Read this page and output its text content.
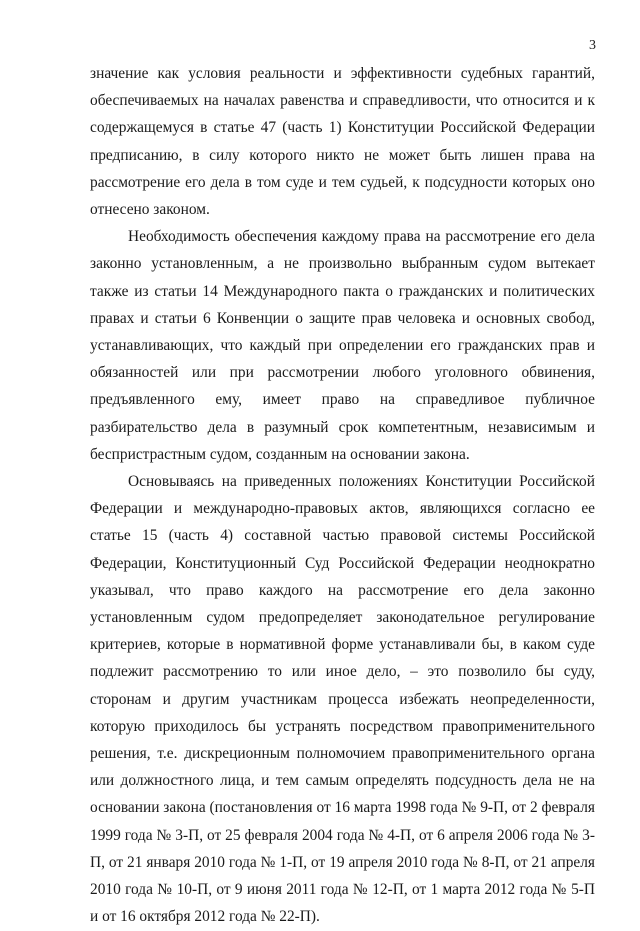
3

значение как условия реальности и эффективности судебных гарантий, обеспечиваемых на началах равенства и справедливости, что относится и к содержащемуся в статье 47 (часть 1) Конституции Российской Федерации предписанию, в силу которого никто не может быть лишен права на рассмотрение его дела в том суде и тем судьей, к подсудности которых оно отнесено законом.

Необходимость обеспечения каждому права на рассмотрение его дела законно установленным, а не произвольно выбранным судом вытекает также из статьи 14 Международного пакта о гражданских и политических правах и статьи 6 Конвенции о защите прав человека и основных свобод, устанавливающих, что каждый при определении его гражданских прав и обязанностей или при рассмотрении любого уголовного обвинения, предъявленного ему, имеет право на справедливое публичное разбирательство дела в разумный срок компетентным, независимым и беспристрастным судом, созданным на основании закона.

Основываясь на приведенных положениях Конституции Российской Федерации и международно-правовых актов, являющихся согласно ее статье 15 (часть 4) составной частью правовой системы Российской Федерации, Конституционный Суд Российской Федерации неоднократно указывал, что право каждого на рассмотрение его дела законно установленным судом предопределяет законодательное регулирование критериев, которые в нормативной форме устанавливали бы, в каком суде подлежит рассмотрению то или иное дело, – это позволило бы суду, сторонам и другим участникам процесса избежать неопределенности, которую приходилось бы устранять посредством правоприменительного решения, т.е. дискреционным полномочием правоприменительного органа или должностного лица, и тем самым определять подсудность дела не на основании закона (постановления от 16 марта 1998 года № 9-П, от 2 февраля 1999 года № 3-П, от 25 февраля 2004 года № 4-П, от 6 апреля 2006 года № 3-П, от 21 января 2010 года № 1-П, от 19 апреля 2010 года № 8-П, от 21 апреля 2010 года № 10-П, от 9 июня 2011 года № 12-П, от 1 марта 2012 года № 5-П и от 16 октября 2012 года № 22-П).
